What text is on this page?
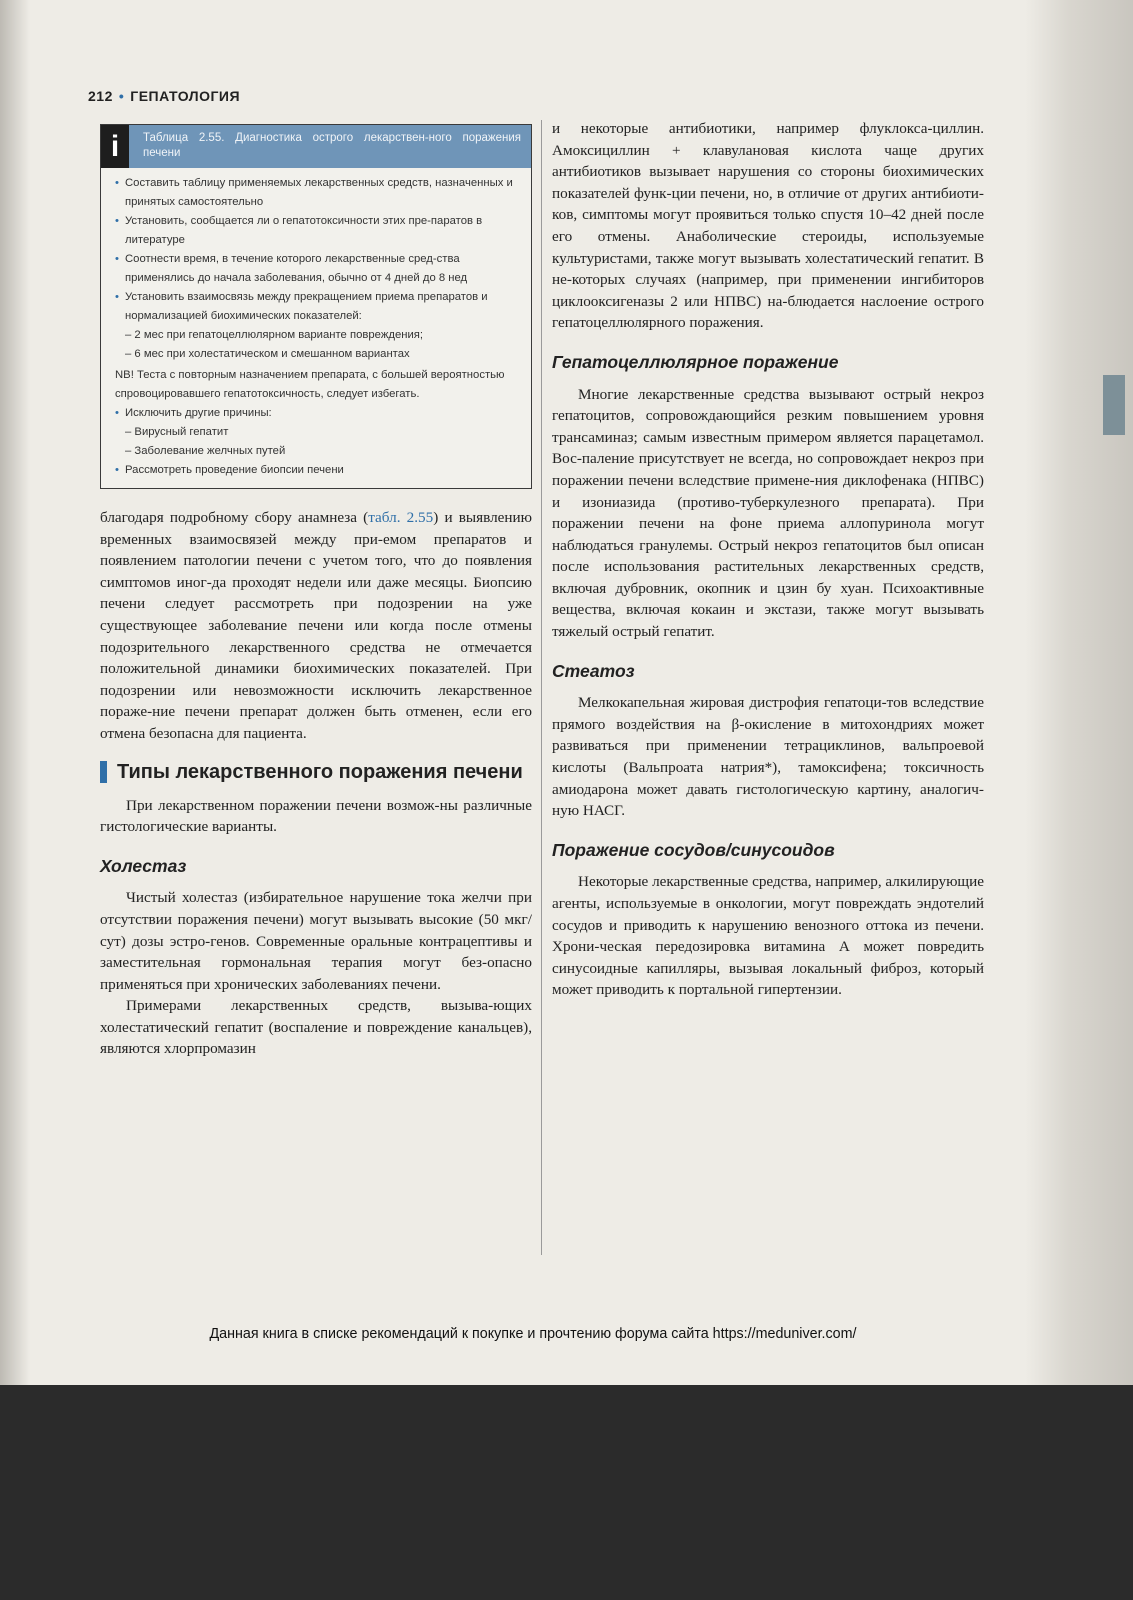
212 • ГЕПАТОЛОГИЯ
i	Таблица 2.55. Диагностика острого лекарствен-ного поражения печени
• Составить таблицу применяемых лекарственных средств, назначенных и принятых самостоятельно
• Установить, сообщается ли о гепатотоксичности этих пре-паратов в литературе
• Соотнести время, в течение которого лекарственные сред-ства применялись до начала заболевания, обычно от 4 дней до 8 нед
• Установить взаимосвязь между прекращением приема препаратов и нормализацией биохимических показателей:
– 2 мес при гепатоцеллюлярном варианте повреждения;
– 6 мес при холестатическом и смешанном вариантах
NB! Теста с повторным назначением препарата, с большей вероятностью спровоцировавшего гепатотоксичность, следует избегать.
• Исключить другие причины:
– Вирусный гепатит
– Заболевание желчных путей
• Рассмотреть проведение биопсии печени

благодаря подробному сбору анамнеза (табл. 2.55) и выявлению временных взаимосвязей между при-емом препаратов и появлением патологии печени с учетом того, что до появления симптомов иног-да проходят недели или даже месяцы. Биопсию печени следует рассмотреть при подозрении на уже существующее заболевание печени или когда после отмены подозрительного лекарственного средства не отмечается положительной динамики биохимических показателей. При подозрении или невозможности исключить лекарственное пораже-ние печени препарат должен быть отменен, если его отмена безопасна для пациента.

Типы лекарственного поражения печени

При лекарственном поражении печени возмож-ны различные гистологические варианты.

Холестаз

Чистый холестаз (избирательное нарушение тока желчи при отсутствии поражения печени) могут вызывать высокие (50 мкг/сут) дозы эстро-генов. Современные оральные контрацептивы и заместительная гормональная терапия могут без-опасно применяться при хронических заболеваниях печени.

Примерами лекарственных средств, вызыва-ющих холестатический гепатит (воспаление и повреждение канальцев), являются хлорпромазин

и некоторые антибиотики, например флуклокса-циллин. Амоксициллин + клавулановая кислота чаще других антибиотиков вызывает нарушения со стороны биохимических показателей функ-ции печени, но, в отличие от других антибиоти-ков, симптомы могут проявиться только спустя 10–42 дней после его отмены. Анаболические стероиды, используемые культуристами, также могут вызывать холестатический гепатит. В не-которых случаях (например, при применении ингибиторов циклооксигеназы 2 или НПВС) на-блюдается наслоение острого гепатоцеллюлярного поражения.

Гепатоцеллюлярное поражение

Многие лекарственные средства вызывают острый некроз гепатоцитов, сопровождающийся резким повышением уровня трансаминаз; самым известным примером является парацетамол. Вос-паление присутствует не всегда, но сопровождает некроз при поражении печени вследствие примене-ния диклофенака (НПВС) и изониазида (противо-туберкулезного препарата). При поражении печени на фоне приема аллопуринола могут наблюдаться гранулемы. Острый некроз гепатоцитов был описан после использования растительных лекарственных средств, включая дубровник, окопник и цзин бу хуан. Психоактивные вещества, включая кокаин и экстази, также могут вызывать тяжелый острый гепатит.

Стеатоз

Мелкокапельная жировая дистрофия гепатоци-тов вследствие прямого воздействия на β-окисление в митохондриях может развиваться при применении тетрациклинов, вальпроевой кислоты (Вальпроата натрия*), тамоксифена; токсичность амиодарона может давать гистологическую картину, аналогич-ную НАСГ.

Поражение сосудов/синусоидов

Некоторые лекарственные средства, например, алкилирующие агенты, используемые в онкологии, могут повреждать эндотелий сосудов и приводить к нарушению венозного оттока из печени. Хрони-ческая передозировка витамина А может повредить синусоидные капилляры, вызывая локальный фиброз, который может приводить к портальной гипертензии.

Данная книга в списке рекомендаций к покупке и прочтению форума сайта https://meduniver.com/
